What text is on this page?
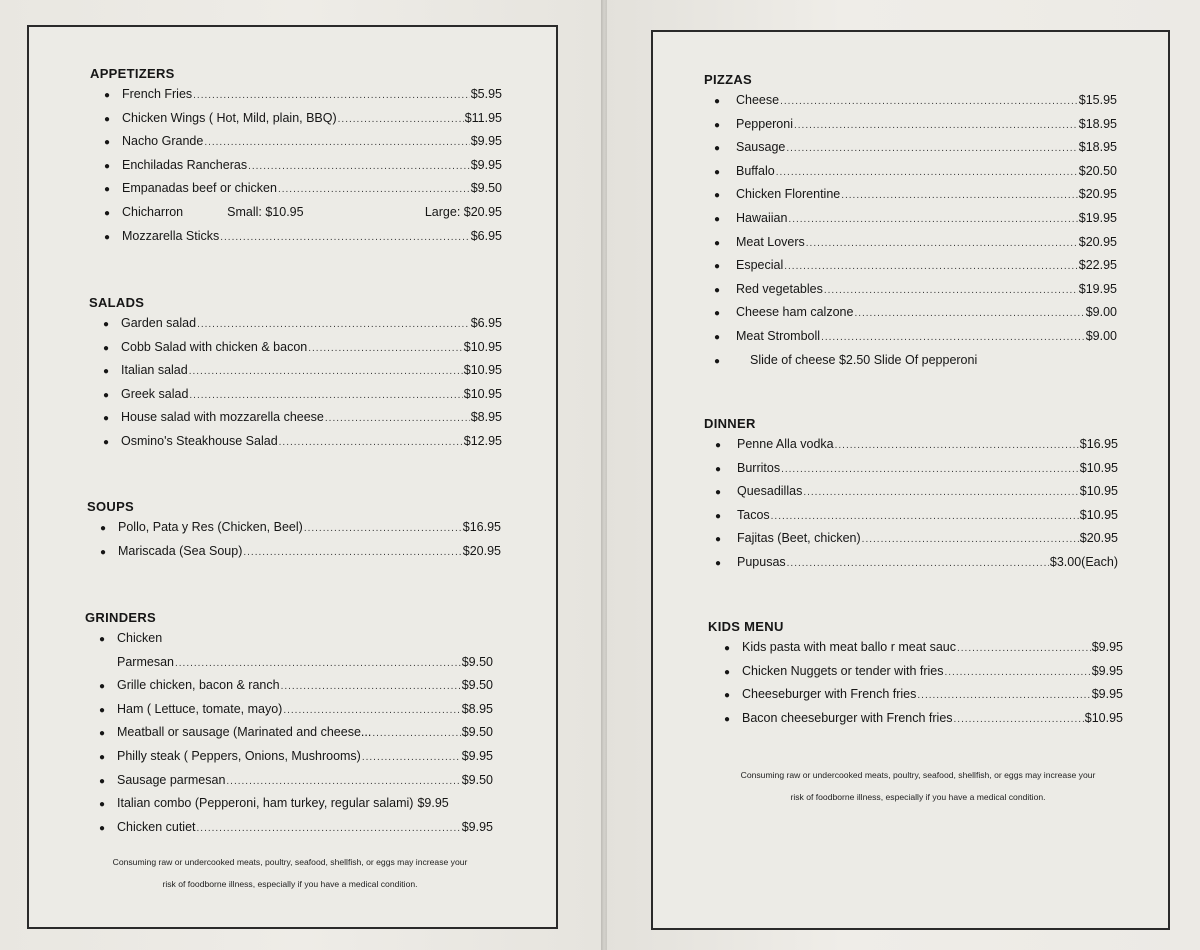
APPETIZERS
● French Fries .....	$5.95
● Chicken Wings ( Hot, Mild, plain, BBQ) .....	$11.95
● Nacho Grande .....	$9.95
● Enchiladas Rancheras .....	$9.95
● Empanadas beef or chicken .....	$9.50
● Chicharron	Small: $10.95	Large: $20.95
● Mozzarella Sticks .....	$6.95
SALADS
● Garden salad .....	$6.95
● Cobb Salad with chicken & bacon .....	$10.95
● Italian salad .....	$10.95
● Greek salad .....	$10.95
● House salad with mozzarella cheese .....	$8.95
● Osmino's Steakhouse Salad .....	$12.95
SOUPS
● Pollo, Pata y Res (Chicken, Beel) .....	$16.95
● Mariscada (Sea Soup) .....	$20.95
GRINDERS
● Chicken
Parmesan .....	$9.50
● Grille chicken, bacon & ranch .....	$9.50
● Ham ( Lettuce, tomate, mayo) .....	$8.95
● Meatball or sausage (Marinated and cheese... .....	$9.50
● Philly steak ( Peppers, Onions, Mushrooms) .....	$9.95
● Sausage parmesan .....	$9.50
● Italian combo (Pepperoni, ham turkey, regular salami) $9.95
● Chicken cutiet .....	$9.95
Consuming raw or undercooked meats, poultry, seafood, shellfish, or eggs may increase your
risk of foodborne illness, especially if you have a medical condition.
PIZZAS
●	Cheese .....	$15.95
●	Pepperoni .....	$18.95
●	Sausage .....	$18.95
●	Buffalo .....	$20.50
●	Chicken Florentine .....	$20.95
●	Hawaiian .....	$19.95
●	Meat Lovers .....	$20.95
●	Especial .....	$22.95
●	Red vegetables .....	$19.95
●	Cheese ham calzone .....	$9.00
●	Meat Stromboll .....	$9.00
●	Slide of cheese $2.50 Slide Of pepperoni
DINNER
●	Penne Alla vodka .....	$16.95
●	Burritos .....	$10.95
●	Quesadillas .....	$10.95
●	Tacos .....	$10.95
●	Fajitas (Beet, chicken) .....	$20.95
●	Pupusas .....	$3.00(Each)
KIDS MENU
● Kids pasta with meat ballo r meat sauc .....	$9.95
● Chicken Nuggets or tender with fries .....	$9.95
● Cheeseburger with French fries .....	$9.95
● Bacon cheeseburger with French fries .....	$10.95
Consuming raw or undercooked meats, poultry, seafood, shellfish, or eggs may increase your
risk of foodborne illness, especially if you have a medical condition.
